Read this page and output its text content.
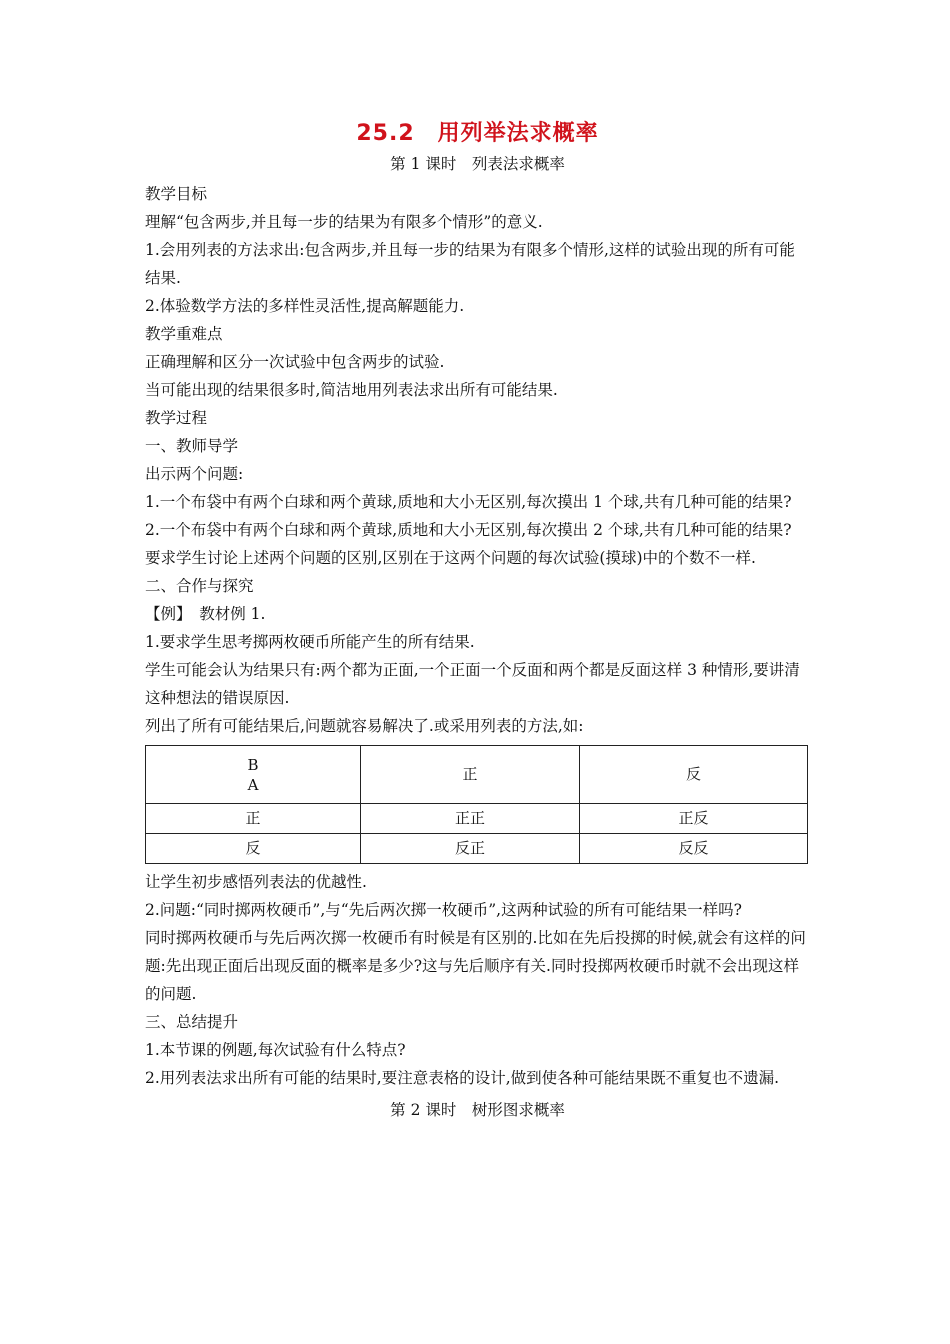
25.2　用列举法求概率

第 1 课时　列表法求概率

教学目标

理解“包含两步,并且每一步的结果为有限多个情形”的意义.

1.会用列表的方法求出:包含两步,并且每一步的结果为有限多个情形,这样的试验出现的所有可能结果.

2.体验数学方法的多样性灵活性,提高解题能力.

教学重难点

正确理解和区分一次试验中包含两步的试验.

当可能出现的结果很多时,简洁地用列表法求出所有可能结果.

教学过程

一、教师导学

出示两个问题:

1.一个布袋中有两个白球和两个黄球,质地和大小无区别,每次摸出 1 个球,共有几种可能的结果?

2.一个布袋中有两个白球和两个黄球,质地和大小无区别,每次摸出 2 个球,共有几种可能的结果?

要求学生讨论上述两个问题的区别,区别在于这两个问题的每次试验(摸球)中的个数不一样.

二、合作与探究

【例】　教材例 1.

1.要求学生思考掷两枚硬币所能产生的所有结果.

学生可能会认为结果只有:两个都为正面,一个正面一个反面和两个都是反面这样 3 种情形,要讲清这种想法的错误原因.

列出了所有可能结果后,问题就容易解决了.或采用列表的方法,如:

B
A	正	反
正	正正	正反
反	反正	反反

让学生初步感悟列表法的优越性.

2.问题:“同时掷两枚硬币”,与“先后两次掷一枚硬币”,这两种试验的所有可能结果一样吗?

同时掷两枚硬币与先后两次掷一枚硬币有时候是有区别的.比如在先后投掷的时候,就会有这样的问题:先出现正面后出现反面的概率是多少?这与先后顺序有关.同时投掷两枚硬币时就不会出现这样的问题.

三、总结提升

1.本节课的例题,每次试验有什么特点?

2.用列表法求出所有可能的结果时,要注意表格的设计,做到使各种可能结果既不重复也不遗漏.

第 2 课时　树形图求概率
